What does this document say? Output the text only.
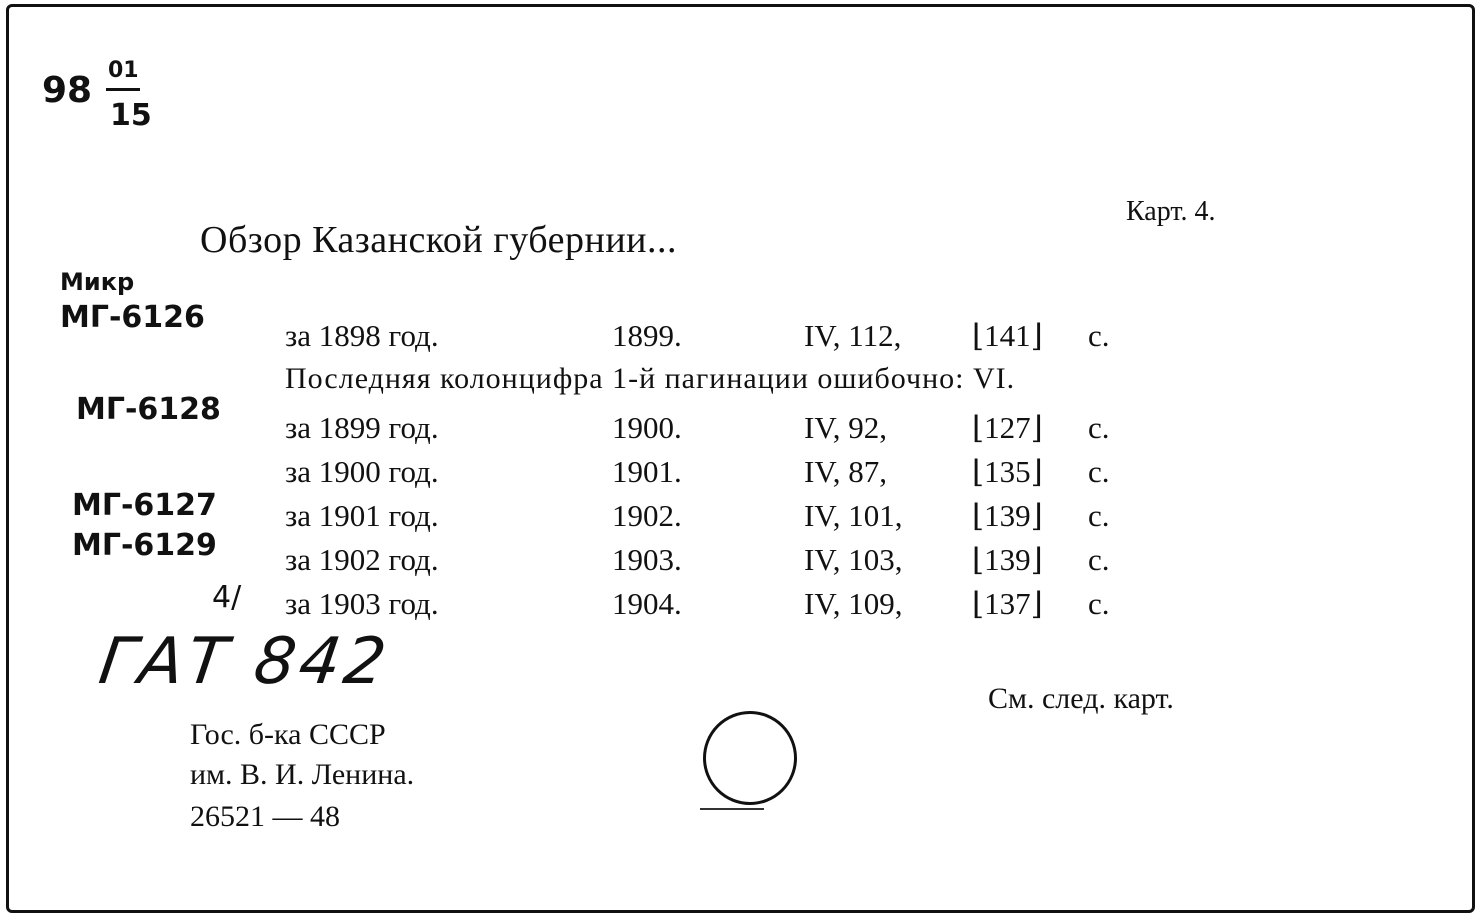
98 01
15
Карт. 4.
Обзор Казанской губернии...
Микр
МГ-6126
МГ-6128
МГ-6127
МГ-6129
за 1898 год.	1899.	IV, 112, ⌊141⌋ с.
Последняя колонцифра 1-й пагинации ошибочно: VI.
за 1899 год.	1900.	IV, 92,	⌊127⌋ с.
за 1900 год.	1901.	IV, 87,	⌊135⌋ с.
за 1901 год.	1902.	IV, 101, ⌊139⌋ с.
за 1902 год.	1903.	IV, 103, ⌊139⌋ с.
за 1903 год.	1904.	IV, 109, ⌊137⌋ с.
4/
ГАТ 842	См. след. карт.
Гос. б-ка СССР
им. В. И. Ленина.
26521 — 48
